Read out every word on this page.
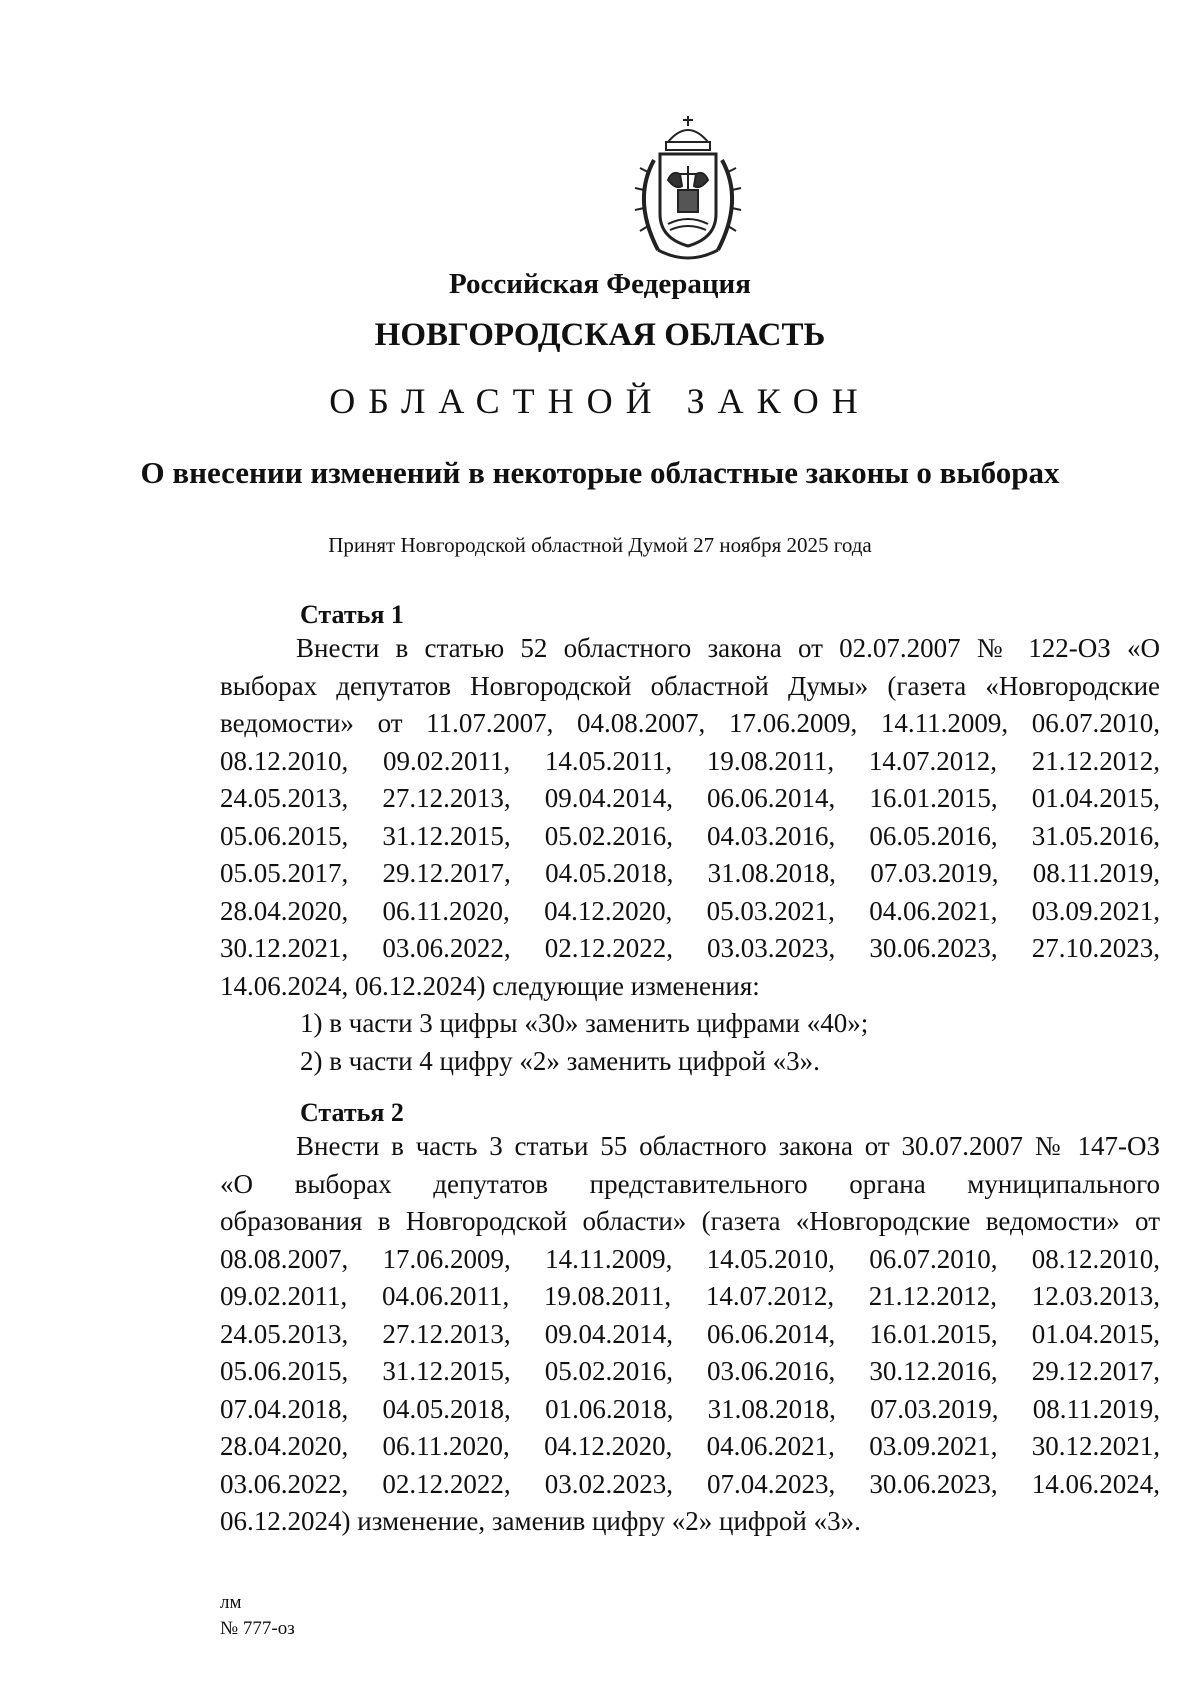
Российская Федерация
НОВГОРОДСКАЯ ОБЛАСТЬ
ОБЛАСТНОЙ ЗАКОН
О внесении изменений в некоторые областные законы о выборах
Принят Новгородской областной Думой 27 ноября 2025 года
Статья 1

Внести в статью 52 областного закона от 02.07.2007 № 122-ОЗ «О

выборах депутатов Новгородской областной Думы» (газета «Новгородские

ведомости» от 11.07.2007, 04.08.2007, 17.06.2009, 14.11.2009, 06.07.2010,

08.12.2010, 09.02.2011, 14.05.2011, 19.08.2011, 14.07.2012, 21.12.2012,

24.05.2013, 27.12.2013, 09.04.2014, 06.06.2014, 16.01.2015, 01.04.2015,

05.06.2015, 31.12.2015, 05.02.2016, 04.03.2016, 06.05.2016, 31.05.2016,

05.05.2017, 29.12.2017, 04.05.2018, 31.08.2018, 07.03.2019, 08.11.2019,

28.04.2020, 06.11.2020, 04.12.2020, 05.03.2021, 04.06.2021, 03.09.2021,

30.12.2021, 03.06.2022, 02.12.2022, 03.03.2023, 30.06.2023, 27.10.2023,

14.06.2024, 06.12.2024) следующие изменения:

1) в части 3 цифры «30» заменить цифрами «40»;

2) в части 4 цифру «2» заменить цифрой «3».

Статья 2

Внести в часть 3 статьи 55 областного закона от 30.07.2007 № 147-ОЗ

«О выборах депутатов представительного органа муниципального

образования в Новгородской области» (газета «Новгородские ведомости» от

08.08.2007, 17.06.2009, 14.11.2009, 14.05.2010, 06.07.2010, 08.12.2010,

09.02.2011, 04.06.2011, 19.08.2011, 14.07.2012, 21.12.2012, 12.03.2013,

24.05.2013, 27.12.2013, 09.04.2014, 06.06.2014, 16.01.2015, 01.04.2015,

05.06.2015, 31.12.2015, 05.02.2016, 03.06.2016, 30.12.2016, 29.12.2017,

07.04.2018, 04.05.2018, 01.06.2018, 31.08.2018, 07.03.2019, 08.11.2019,

28.04.2020, 06.11.2020, 04.12.2020, 04.06.2021, 03.09.2021, 30.12.2021,

03.06.2022, 02.12.2022, 03.02.2023, 07.04.2023, 30.06.2023, 14.06.2024,

06.12.2024) изменение, заменив цифру «2» цифрой «3».

лм
№ 777-оз
